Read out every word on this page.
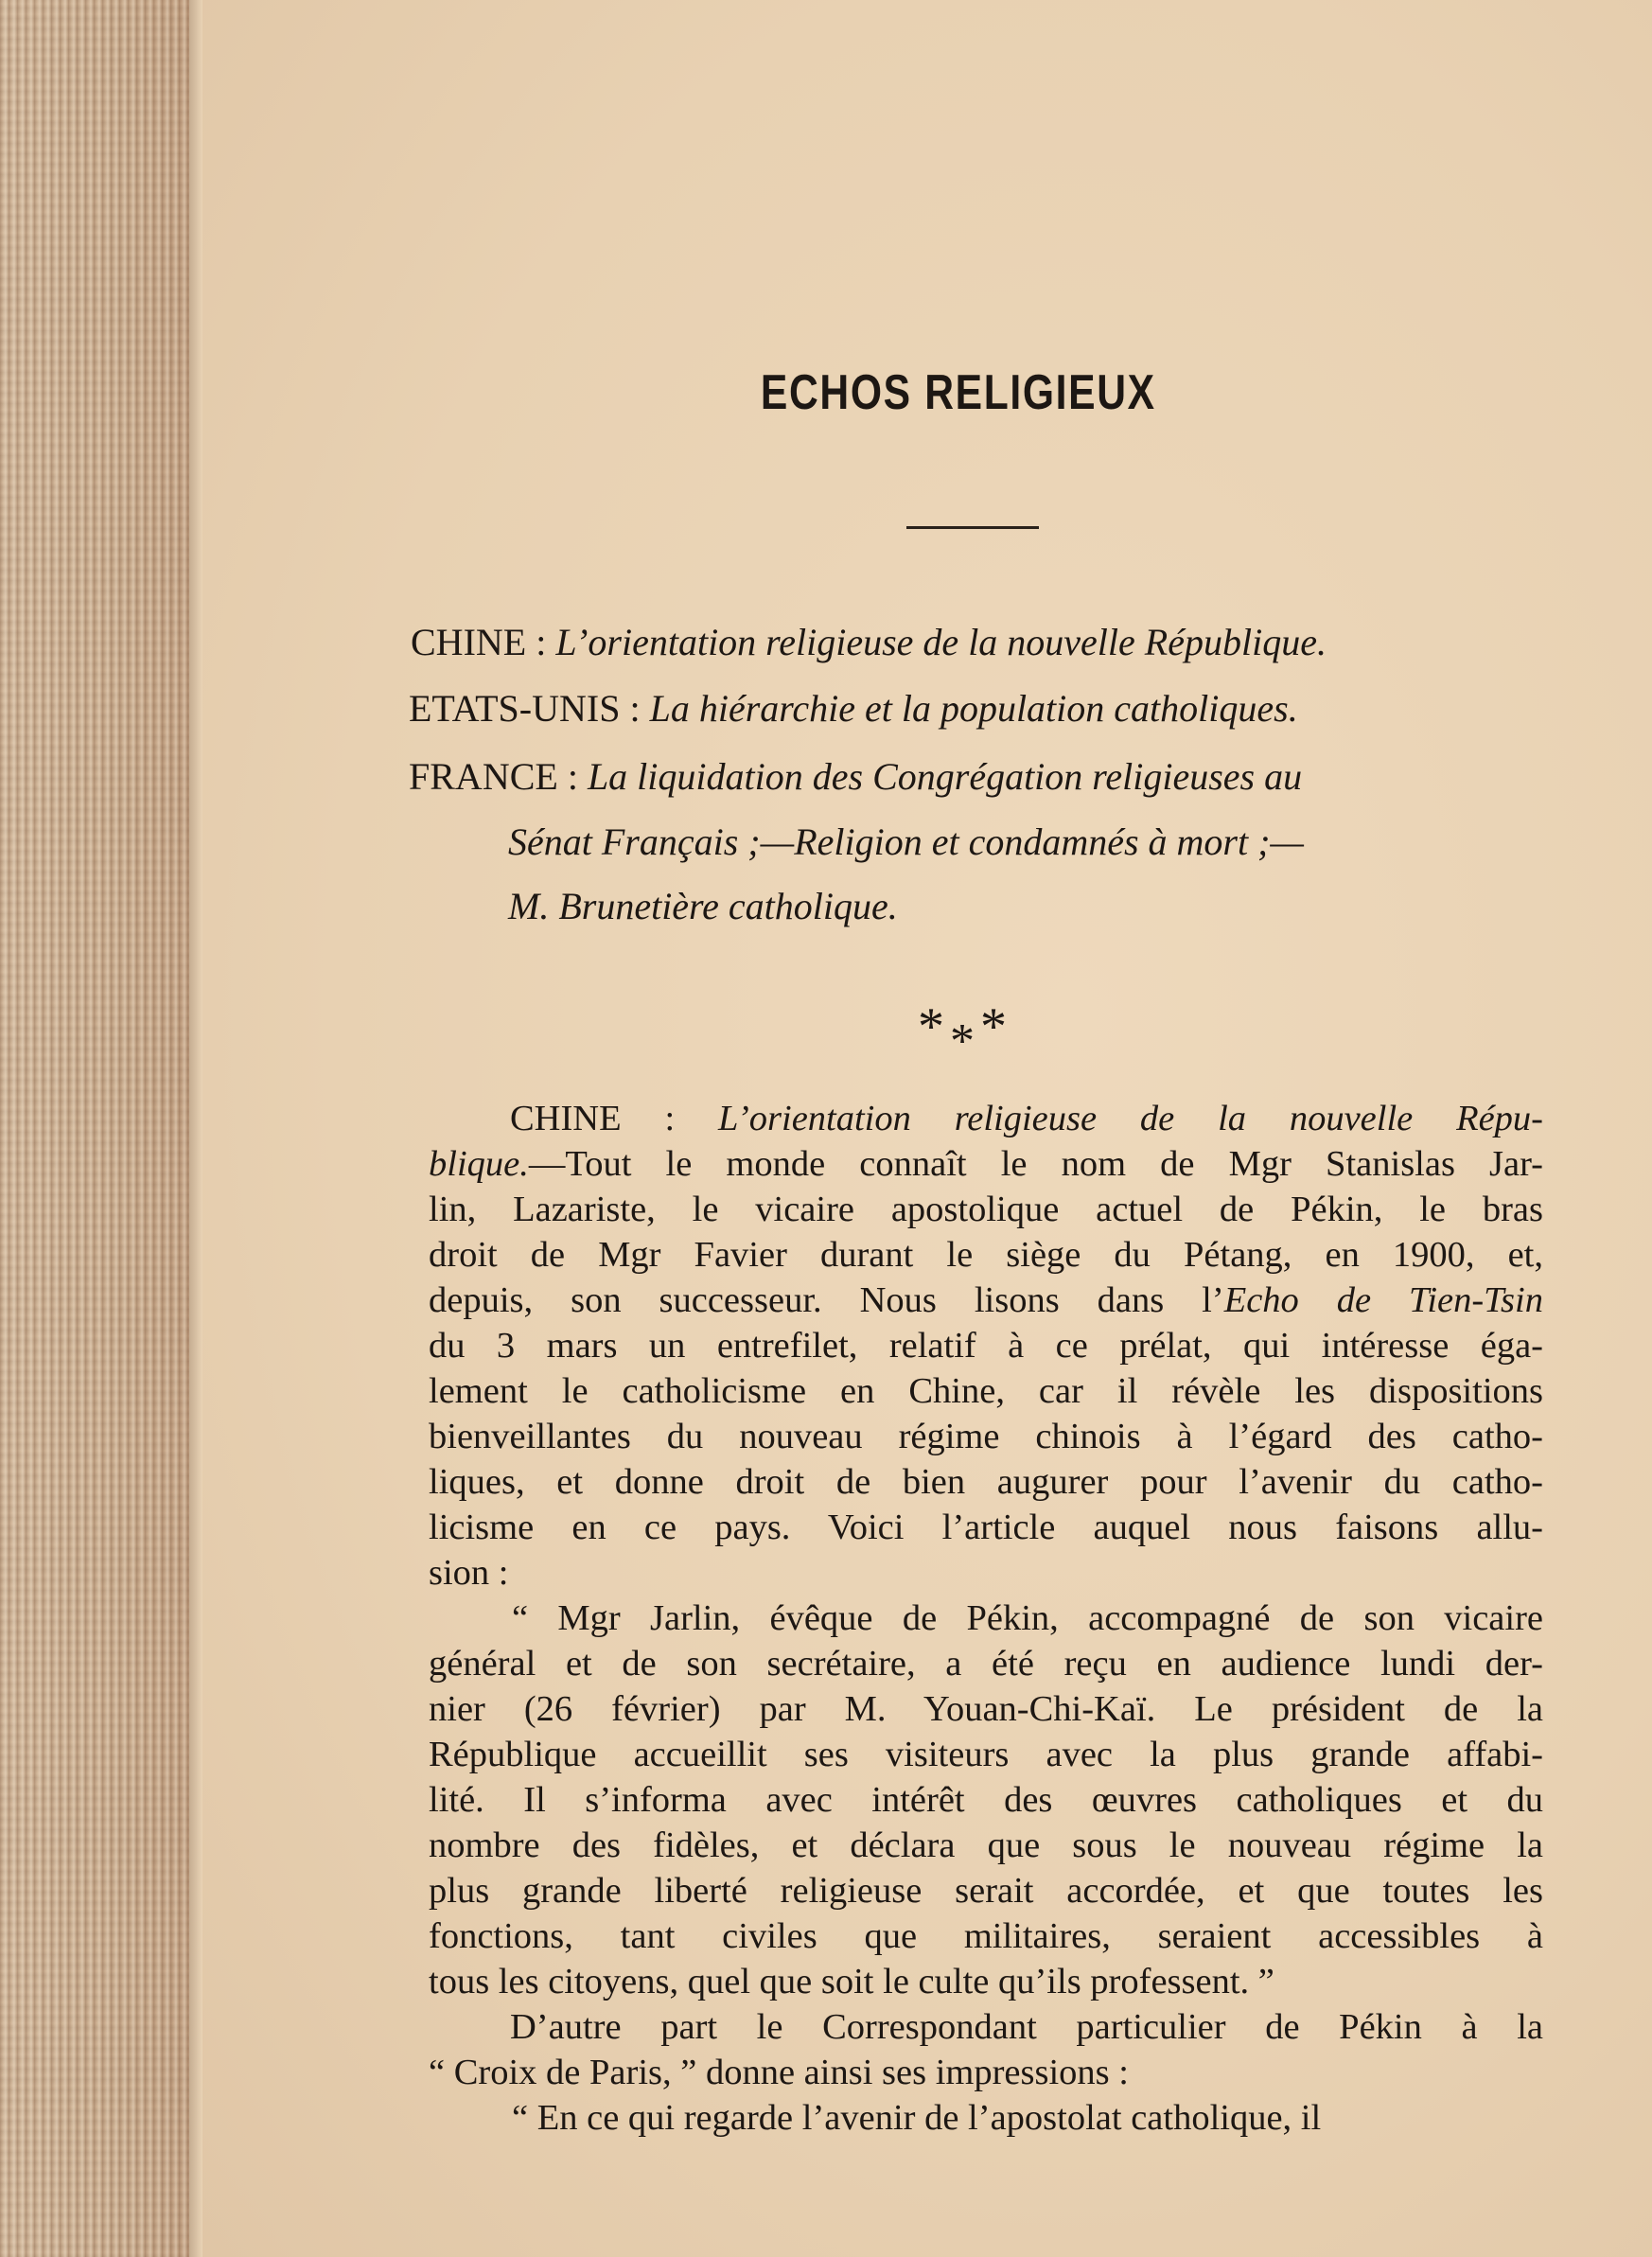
ECHOS RELIGIEUX
CHINE : L’orientation religieuse de la nouvelle République.
ETATS-UNIS : La hiérarchie et la population catholiques.
FRANCE : La liquidation des Congrégation religieuses au
Sénat Français ;—Religion et condamnés à mort ;—
M. Brunetière catholique.
***
CHINE : L’orientation religieuse de la nouvelle Répu-
blique.—Tout le monde connaît le nom de Mgr Stanislas Jar-
lin, Lazariste, le vicaire apostolique actuel de Pékin, le bras
droit de Mgr Favier durant le siège du Pétang, en 1900, et,
depuis, son successeur. Nous lisons dans l’Echo de Tien-Tsin
du 3 mars un entrefilet, relatif à ce prélat, qui intéresse éga-
lement le catholicisme en Chine, car il révèle les dispositions
bienveillantes du nouveau régime chinois à l’égard des catho-
liques, et donne droit de bien augurer pour l’avenir du catho-
licisme en ce pays. Voici l’article auquel nous faisons allu-
sion :
“ Mgr Jarlin, évêque de Pékin, accompagné de son vicaire
général et de son secrétaire, a été reçu en audience lundi der-
nier (26 février) par M. Youan-Chi-Kaï. Le président de la
République accueillit ses visiteurs avec la plus grande affabi-
lité. Il s’informa avec intérêt des œuvres catholiques et du
nombre des fidèles, et déclara que sous le nouveau régime la
plus grande liberté religieuse serait accordée, et que toutes les
fonctions, tant civiles que militaires, seraient accessibles à
tous les citoyens, quel que soit le culte qu’ils professent. ”
D’autre part le Correspondant particulier de Pékin à la
“ Croix de Paris, ” donne ainsi ses impressions :
“ En ce qui regarde l’avenir de l’apostolat catholique, il
